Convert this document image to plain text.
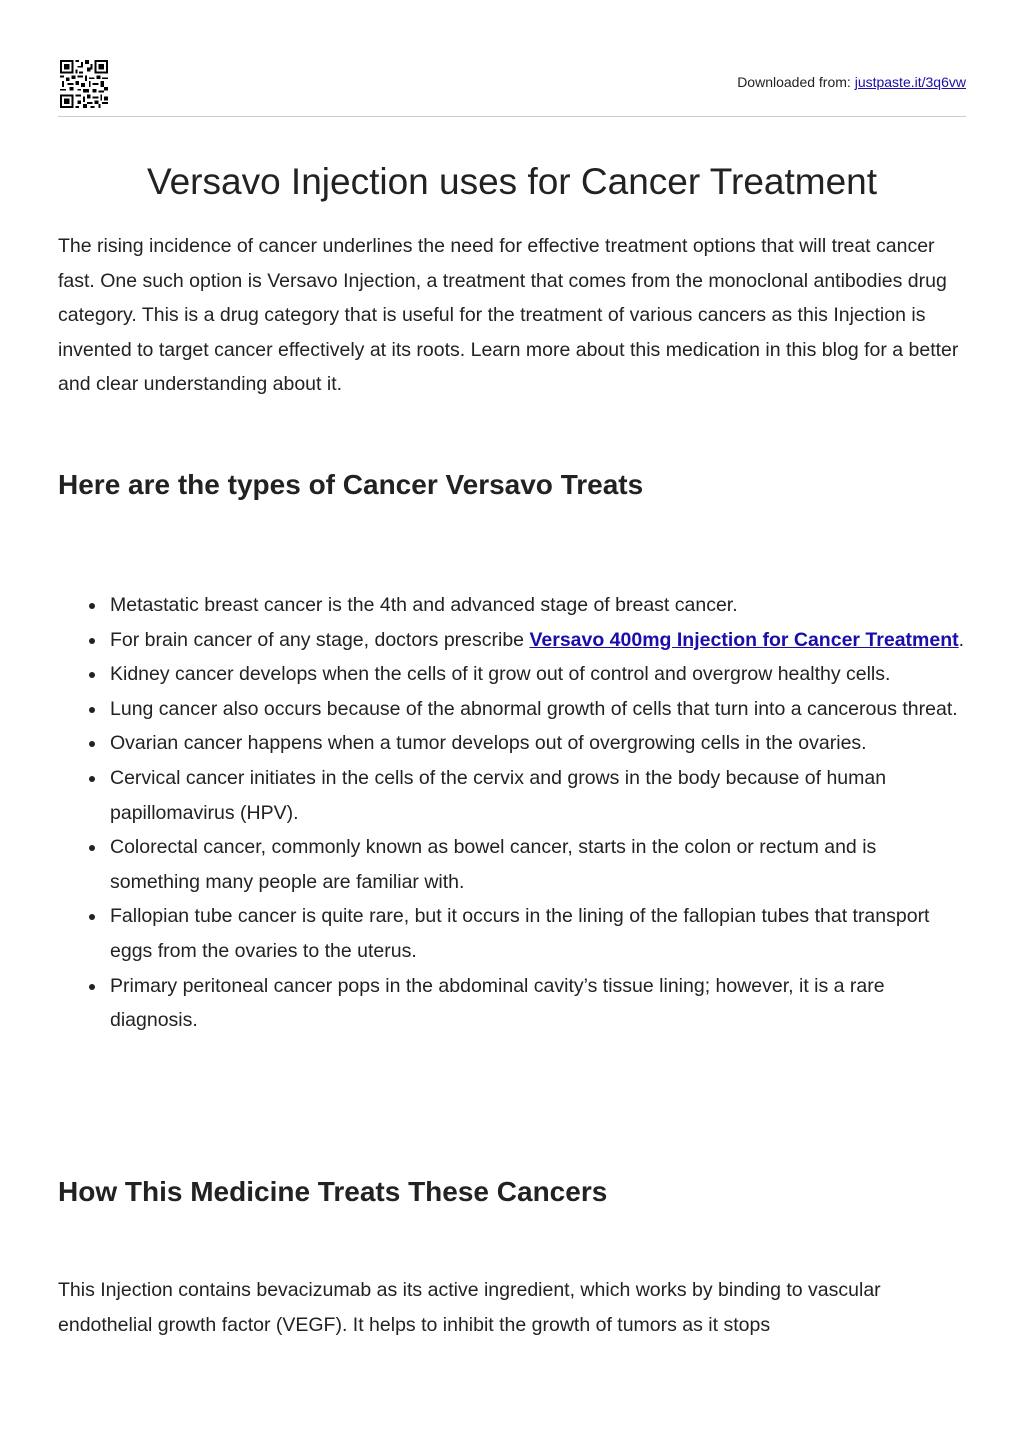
Downloaded from: justpaste.it/3q6vw
Versavo Injection uses for Cancer Treatment

The rising incidence of cancer underlines the need for effective treatment options that will treat cancer fast. One such option is Versavo Injection, a treatment that comes from the monoclonal antibodies drug category. This is a drug category that is useful for the treatment of various cancers as this Injection is invented to target cancer effectively at its roots. Learn more about this medication in this blog for a better and clear understanding about it.

Here are the types of Cancer Versavo Treats
Metastatic breast cancer is the 4th and advanced stage of breast cancer.
For brain cancer of any stage, doctors prescribe Versavo 400mg Injection for Cancer Treatment.
Kidney cancer develops when the cells of it grow out of control and overgrow healthy cells.
Lung cancer also occurs because of the abnormal growth of cells that turn into a cancerous threat.
Ovarian cancer happens when a tumor develops out of overgrowing cells in the ovaries.
Cervical cancer initiates in the cells of the cervix and grows in the body because of human papillomavirus (HPV).
Colorectal cancer, commonly known as bowel cancer, starts in the colon or rectum and is something many people are familiar with.
Fallopian tube cancer is quite rare, but it occurs in the lining of the fallopian tubes that transport eggs from the ovaries to the uterus.
Primary peritoneal cancer pops in the abdominal cavity’s tissue lining; however, it is a rare diagnosis.
How This Medicine Treats These Cancers

This Injection contains bevacizumab as its active ingredient, which works by binding to vascular endothelial growth factor (VEGF). It helps to inhibit the growth of tumors as it stops
